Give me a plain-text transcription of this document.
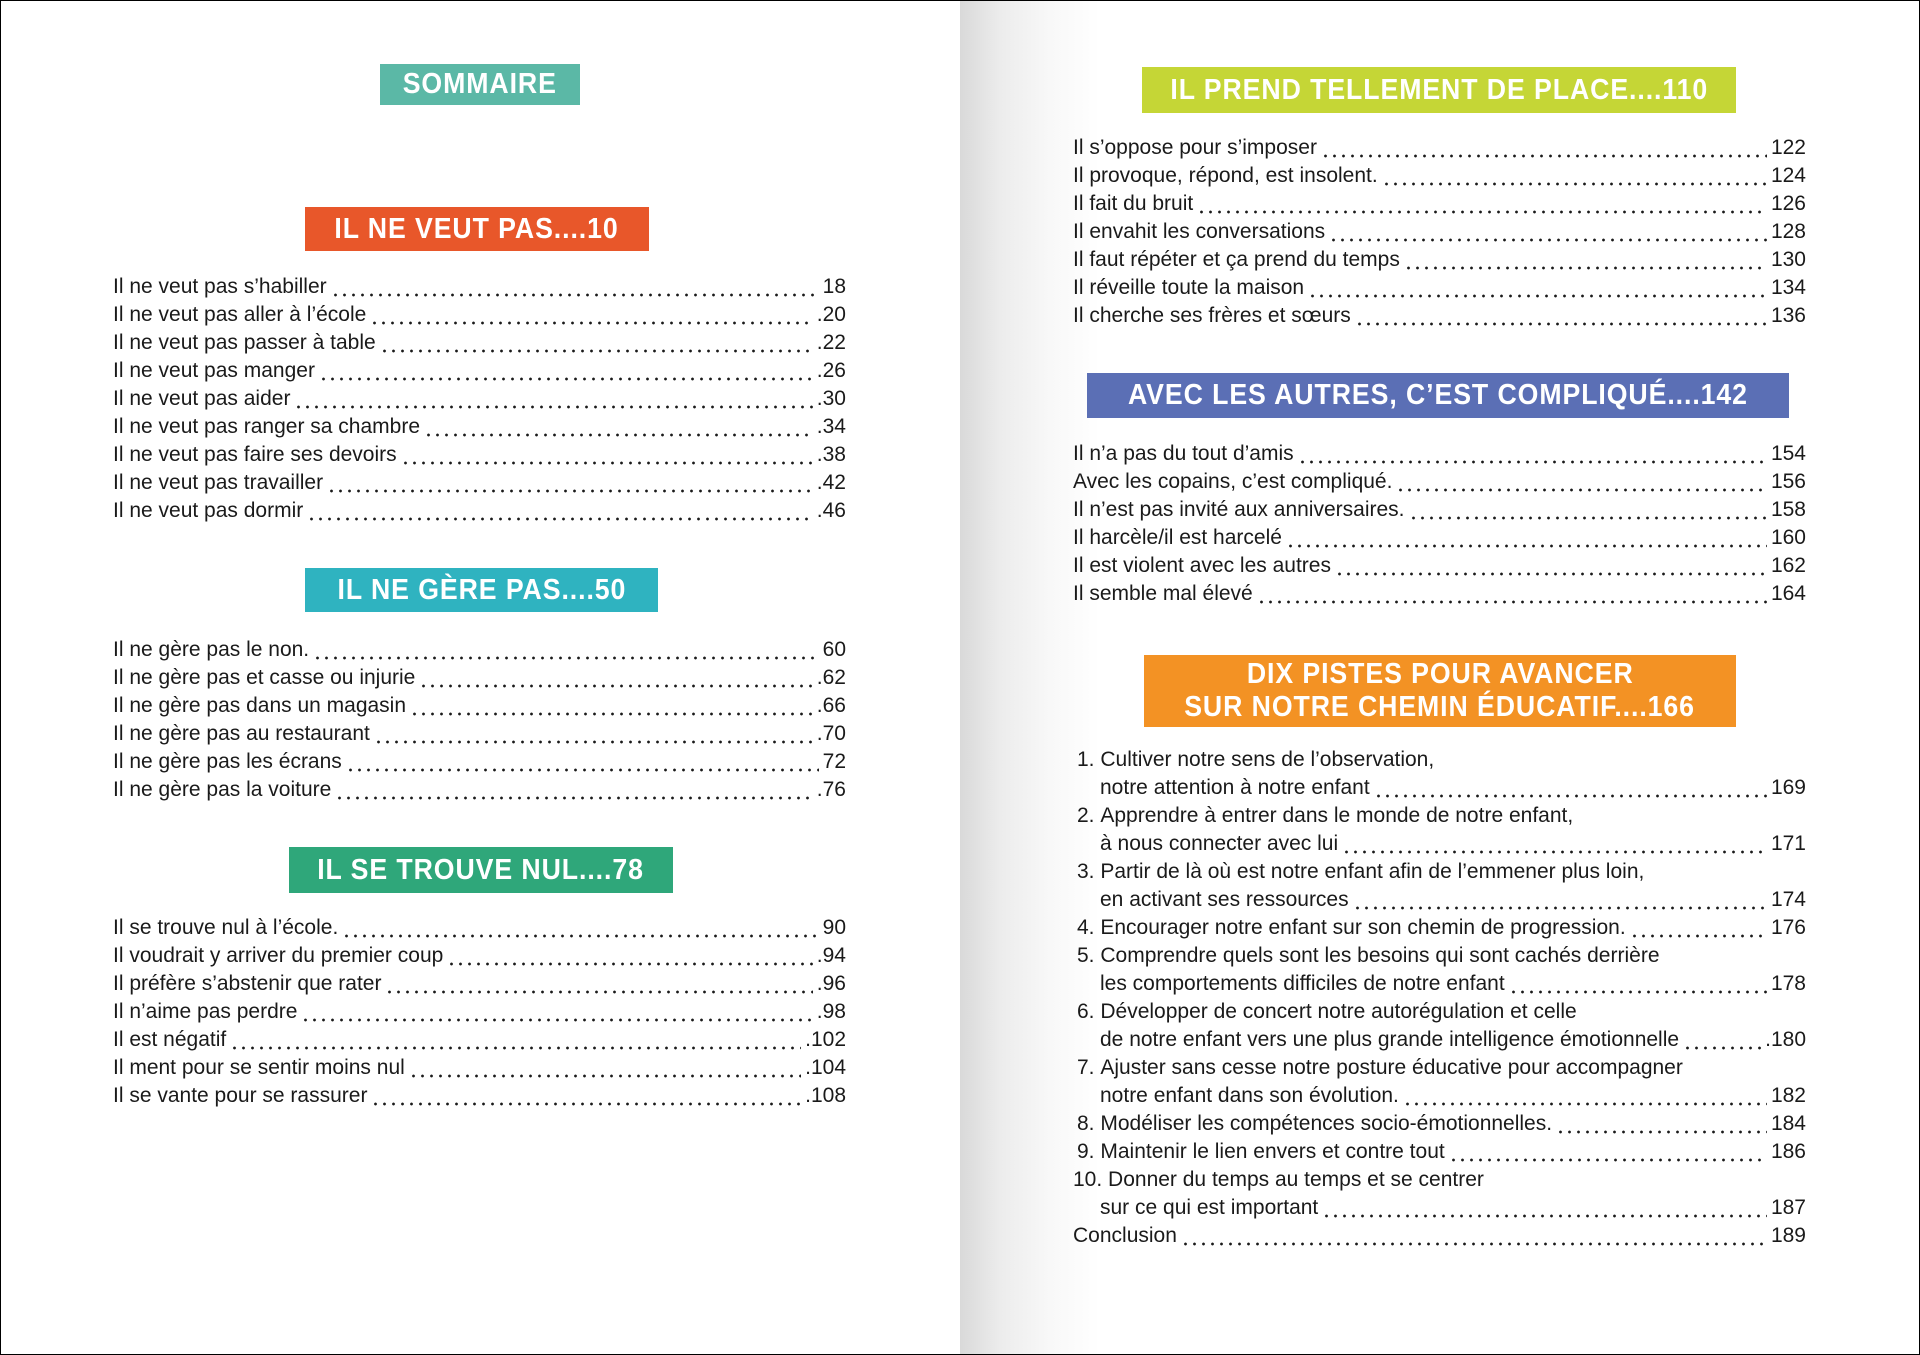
SOMMAIRE
IL NE VEUT PAS....10
Il ne veut pas s’habiller	18
Il ne veut pas aller à l’école	.20
Il ne veut pas passer à table	.22
Il ne veut pas manger	.26
Il ne veut pas aider	.30
Il ne veut pas ranger sa chambre	.34
Il ne veut pas faire ses devoirs	.38
Il ne veut pas travailler	.42
Il ne veut pas dormir	.46
IL NE GÈRE PAS....50
Il ne gère pas le non.	60
Il ne gère pas et casse ou injurie	.62
Il ne gère pas dans un magasin	.66
Il ne gère pas au restaurant	.70
Il ne gère pas les écrans	72
Il ne gère pas la voiture	.76
IL SE TROUVE NUL....78
Il se trouve nul à l’école.	90
Il voudrait y arriver du premier coup	.94
Il préfère s’abstenir que rater	.96
Il n’aime pas perdre	.98
Il est négatif	.102
Il ment pour se sentir moins nul	.104
Il se vante pour se rassurer	.108
IL PREND TELLEMENT DE PLACE....110
Il s’oppose pour s’imposer	122
Il provoque, répond, est insolent.	124
Il fait du bruit	126
Il envahit les conversations	128
Il faut répéter et ça prend du temps	130
Il réveille toute la maison	134
Il cherche ses frères et sœurs	136
AVEC LES AUTRES, C’EST COMPLIQUÉ....142
Il n’a pas du tout d’amis	154
Avec les copains, c’est compliqué.	156
Il n’est pas invité aux anniversaires.	158
Il harcèle/il est harcelé	160
Il est violent avec les autres	162
Il semble mal élevé	164
DIX PISTES POUR AVANCER
SUR NOTRE CHEMIN ÉDUCATIF....166
1.
Cultiver notre sens de l’observation,
notre attention à notre enfant	169
2.
Apprendre à entrer dans le monde de notre enfant,
à nous connecter avec lui	171
3.
Partir de là où est notre enfant afin de l’emmener plus loin,
en activant ses ressources	174
4.
Encourager notre enfant sur son chemin de progression.	176
5.
Comprendre quels sont les besoins qui sont cachés derrière
les comportements difficiles de notre enfant	178
6.
Développer de concert notre autorégulation et celle
de notre enfant vers une plus grande intelligence émotionnelle	.180
7.
Ajuster sans cesse notre posture éducative pour accompagner
notre enfant dans son évolution.	182
8.
Modéliser les compétences socio-émotionnelles.	184
9.
Maintenir le lien envers et contre tout	186
10.
Donner du temps au temps et se centrer
sur ce qui est important	187
Conclusion	189
